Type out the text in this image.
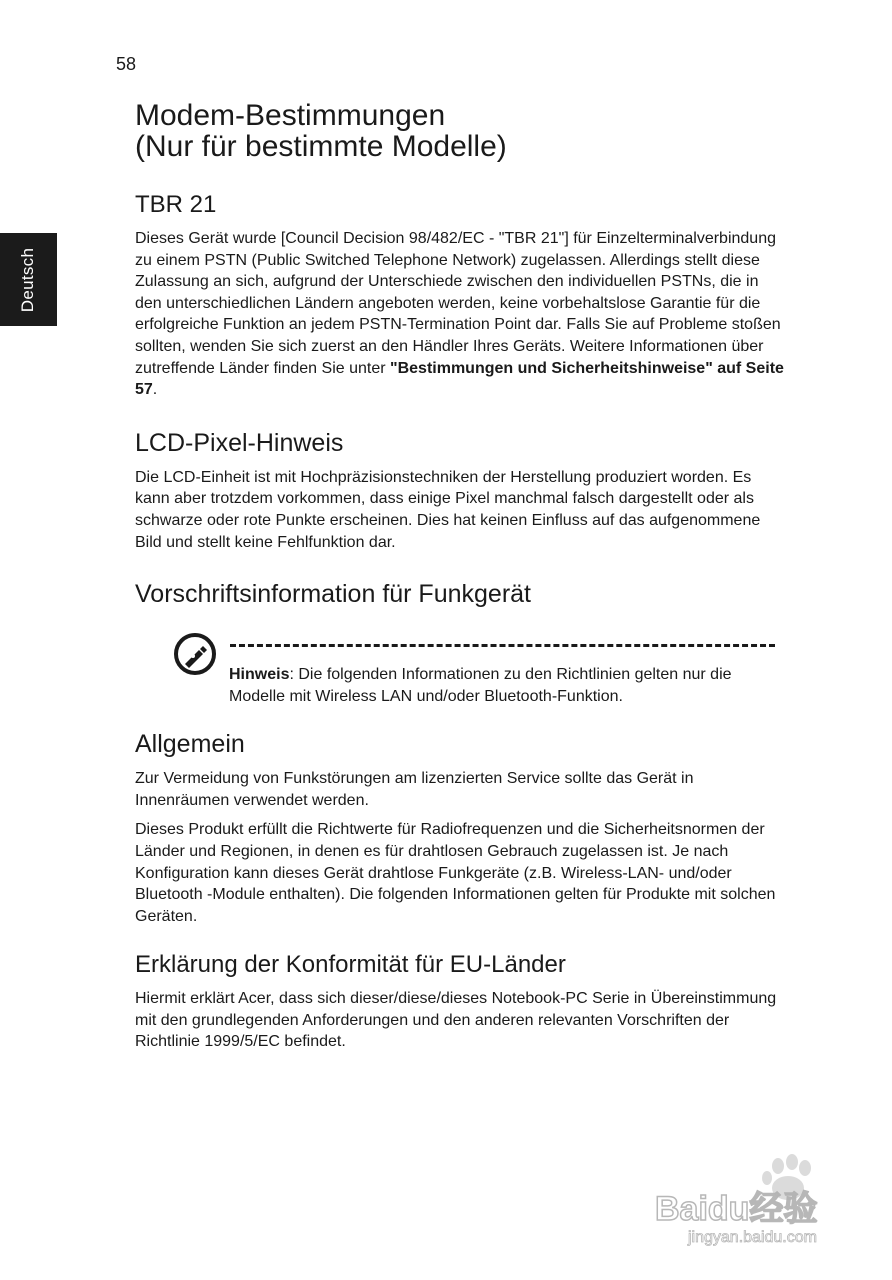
58
Deutsch
Modem-Bestimmungen
(Nur für bestimmte Modelle)
TBR 21

Dieses Gerät wurde [Council Decision 98/482/EC - "TBR 21"] für Einzelterminalverbindung zu einem PSTN (Public Switched Telephone Network) zugelassen. Allerdings stellt diese Zulassung an sich, aufgrund der Unterschiede zwischen den individuellen PSTNs, die in den unterschiedlichen Ländern angeboten werden, keine vorbehaltslose Garantie für die erfolgreiche Funktion an jedem PSTN-Termination Point dar. Falls Sie auf Probleme stoßen sollten, wenden Sie sich zuerst an den Händler Ihres Geräts. Weitere Informationen über zutreffende Länder finden Sie unter "Bestimmungen und Sicherheitshinweise" auf Seite 57.

LCD-Pixel-Hinweis

Die LCD-Einheit ist mit Hochpräzisionstechniken der Herstellung produziert worden. Es kann aber trotzdem vorkommen, dass einige Pixel manchmal falsch dargestellt oder als schwarze oder rote Punkte erscheinen. Dies hat keinen Einfluss auf das aufgenommene Bild und stellt keine Fehlfunktion dar.

Vorschriftsinformation für Funkgerät

Hinweis: Die folgenden Informationen zu den Richtlinien gelten nur die Modelle mit Wireless LAN und/oder Bluetooth-Funktion.

Allgemein

Zur Vermeidung von Funkstörungen am lizenzierten Service sollte das Gerät in Innenräumen verwendet werden.

Dieses Produkt erfüllt die Richtwerte für Radiofrequenzen und die Sicherheitsnormen der Länder und Regionen, in denen es für drahtlosen Gebrauch zugelassen ist. Je nach Konfiguration kann dieses Gerät drahtlose Funkgeräte (z.B. Wireless-LAN- und/oder Bluetooth -Module enthalten). Die folgenden Informationen gelten für Produkte mit solchen Geräten.

Erklärung der Konformität für EU-Länder

Hiermit erklärt Acer, dass sich dieser/diese/dieses Notebook-PC Serie in Übereinstimmung mit den grundlegenden Anforderungen und den anderen relevanten Vorschriften der Richtlinie 1999/5/EC befindet.

Baidu经验
jingyan.baidu.com
